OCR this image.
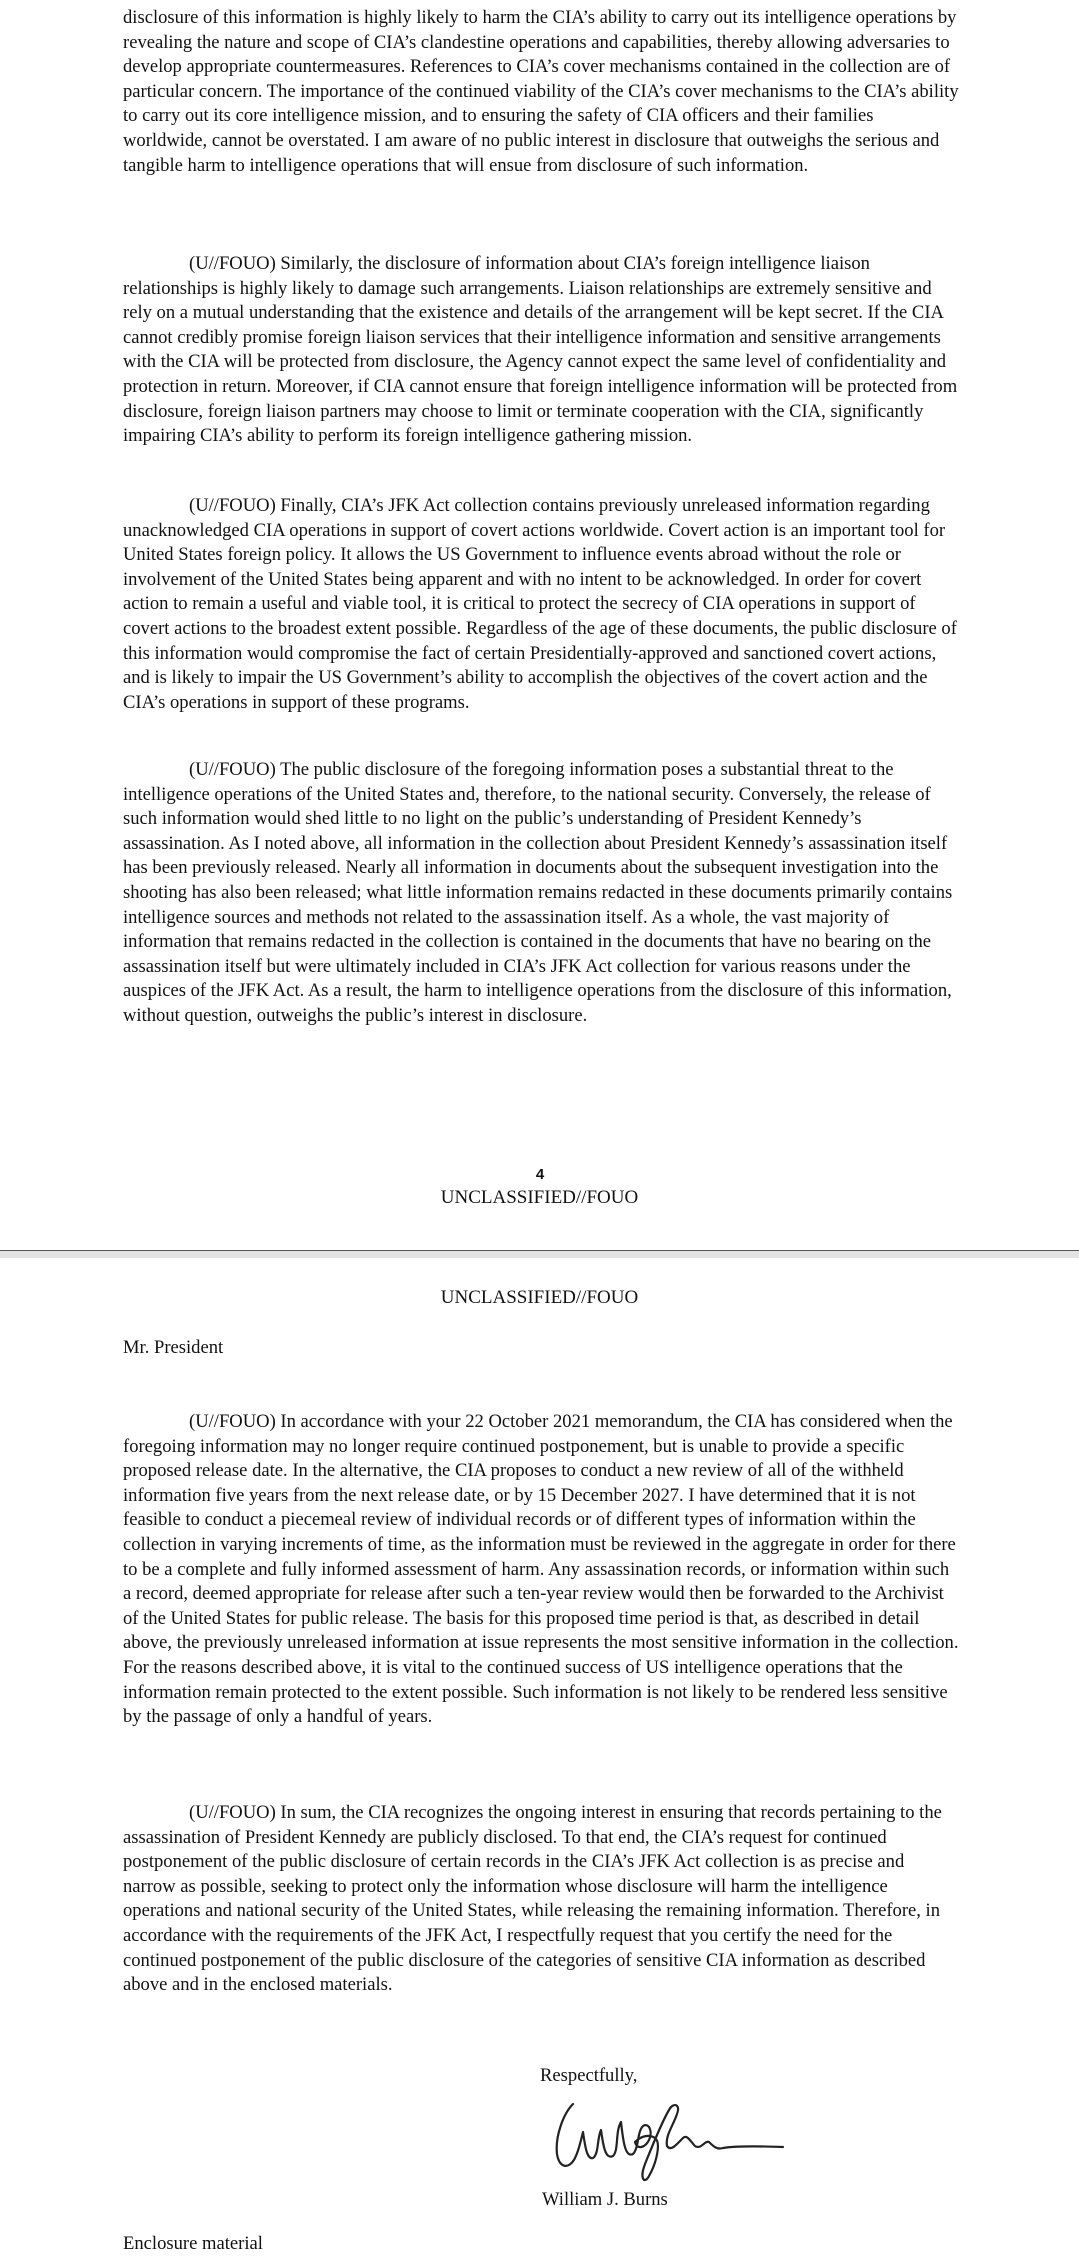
disclosure of this information is highly likely to harm the CIA’s ability to carry out its intelligence operations by revealing the nature and scope of CIA’s clandestine operations and capabilities, thereby allowing adversaries to develop appropriate countermeasures. References to CIA’s cover mechanisms contained in the collection are of particular concern. The importance of the continued viability of the CIA’s cover mechanisms to the CIA’s ability to carry out its core intelligence mission, and to ensuring the safety of CIA officers and their families worldwide, cannot be overstated. I am aware of no public interest in disclosure that outweighs the serious and tangible harm to intelligence operations that will ensue from disclosure of such information.

(U//FOUO) Similarly, the disclosure of information about CIA’s foreign intelligence liaison relationships is highly likely to damage such arrangements. Liaison relationships are extremely sensitive and rely on a mutual understanding that the existence and details of the arrangement will be kept secret. If the CIA cannot credibly promise foreign liaison services that their intelligence information and sensitive arrangements with the CIA will be protected from disclosure, the Agency cannot expect the same level of confidentiality and protection in return. Moreover, if CIA cannot ensure that foreign intelligence information will be protected from disclosure, foreign liaison partners may choose to limit or terminate cooperation with the CIA, significantly impairing CIA’s ability to perform its foreign intelligence gathering mission.

(U//FOUO) Finally, CIA’s JFK Act collection contains previously unreleased information regarding unacknowledged CIA operations in support of covert actions worldwide. Covert action is an important tool for United States foreign policy. It allows the US Government to influence events abroad without the role or involvement of the United States being apparent and with no intent to be acknowledged. In order for covert action to remain a useful and viable tool, it is critical to protect the secrecy of CIA operations in support of covert actions to the broadest extent possible. Regardless of the age of these documents, the public disclosure of this information would compromise the fact of certain Presidentially-approved and sanctioned covert actions, and is likely to impair the US Government’s ability to accomplish the objectives of the covert action and the CIA’s operations in support of these programs.

(U//FOUO) The public disclosure of the foregoing information poses a substantial threat to the intelligence operations of the United States and, therefore, to the national security. Conversely, the release of such information would shed little to no light on the public’s understanding of President Kennedy’s assassination. As I noted above, all information in the collection about President Kennedy’s assassination itself has been previously released. Nearly all information in documents about the subsequent investigation into the shooting has also been released; what little information remains redacted in these documents primarily contains intelligence sources and methods not related to the assassination itself. As a whole, the vast majority of information that remains redacted in the collection is contained in the documents that have no bearing on the assassination itself but were ultimately included in CIA’s JFK Act collection for various reasons under the auspices of the JFK Act. As a result, the harm to intelligence operations from the disclosure of this information, without question, outweighs the public’s interest in disclosure.

4

UNCLASSIFIED//FOUO

UNCLASSIFIED//FOUO

Mr. President

(U//FOUO) In accordance with your 22 October 2021 memorandum, the CIA has considered when the foregoing information may no longer require continued postponement, but is unable to provide a specific proposed release date. In the alternative, the CIA proposes to conduct a new review of all of the withheld information five years from the next release date, or by 15 December 2027. I have determined that it is not feasible to conduct a piecemeal review of individual records or of different types of information within the collection in varying increments of time, as the information must be reviewed in the aggregate in order for there to be a complete and fully informed assessment of harm. Any assassination records, or information within such a record, deemed appropriate for release after such a ten-year review would then be forwarded to the Archivist of the United States for public release. The basis for this proposed time period is that, as described in detail above, the previously unreleased information at issue represents the most sensitive information in the collection. For the reasons described above, it is vital to the continued success of US intelligence operations that the information remain protected to the extent possible. Such information is not likely to be rendered less sensitive by the passage of only a handful of years.

(U//FOUO) In sum, the CIA recognizes the ongoing interest in ensuring that records pertaining to the assassination of President Kennedy are publicly disclosed. To that end, the CIA’s request for continued postponement of the public disclosure of certain records in the CIA’s JFK Act collection is as precise and narrow as possible, seeking to protect only the information whose disclosure will harm the intelligence operations and national security of the United States, while releasing the remaining information. Therefore, in accordance with the requirements of the JFK Act, I respectfully request that you certify the need for the continued postponement of the public disclosure of the categories of sensitive CIA information as described above and in the enclosed materials.

Respectfully,

William J. Burns

Enclosure material
